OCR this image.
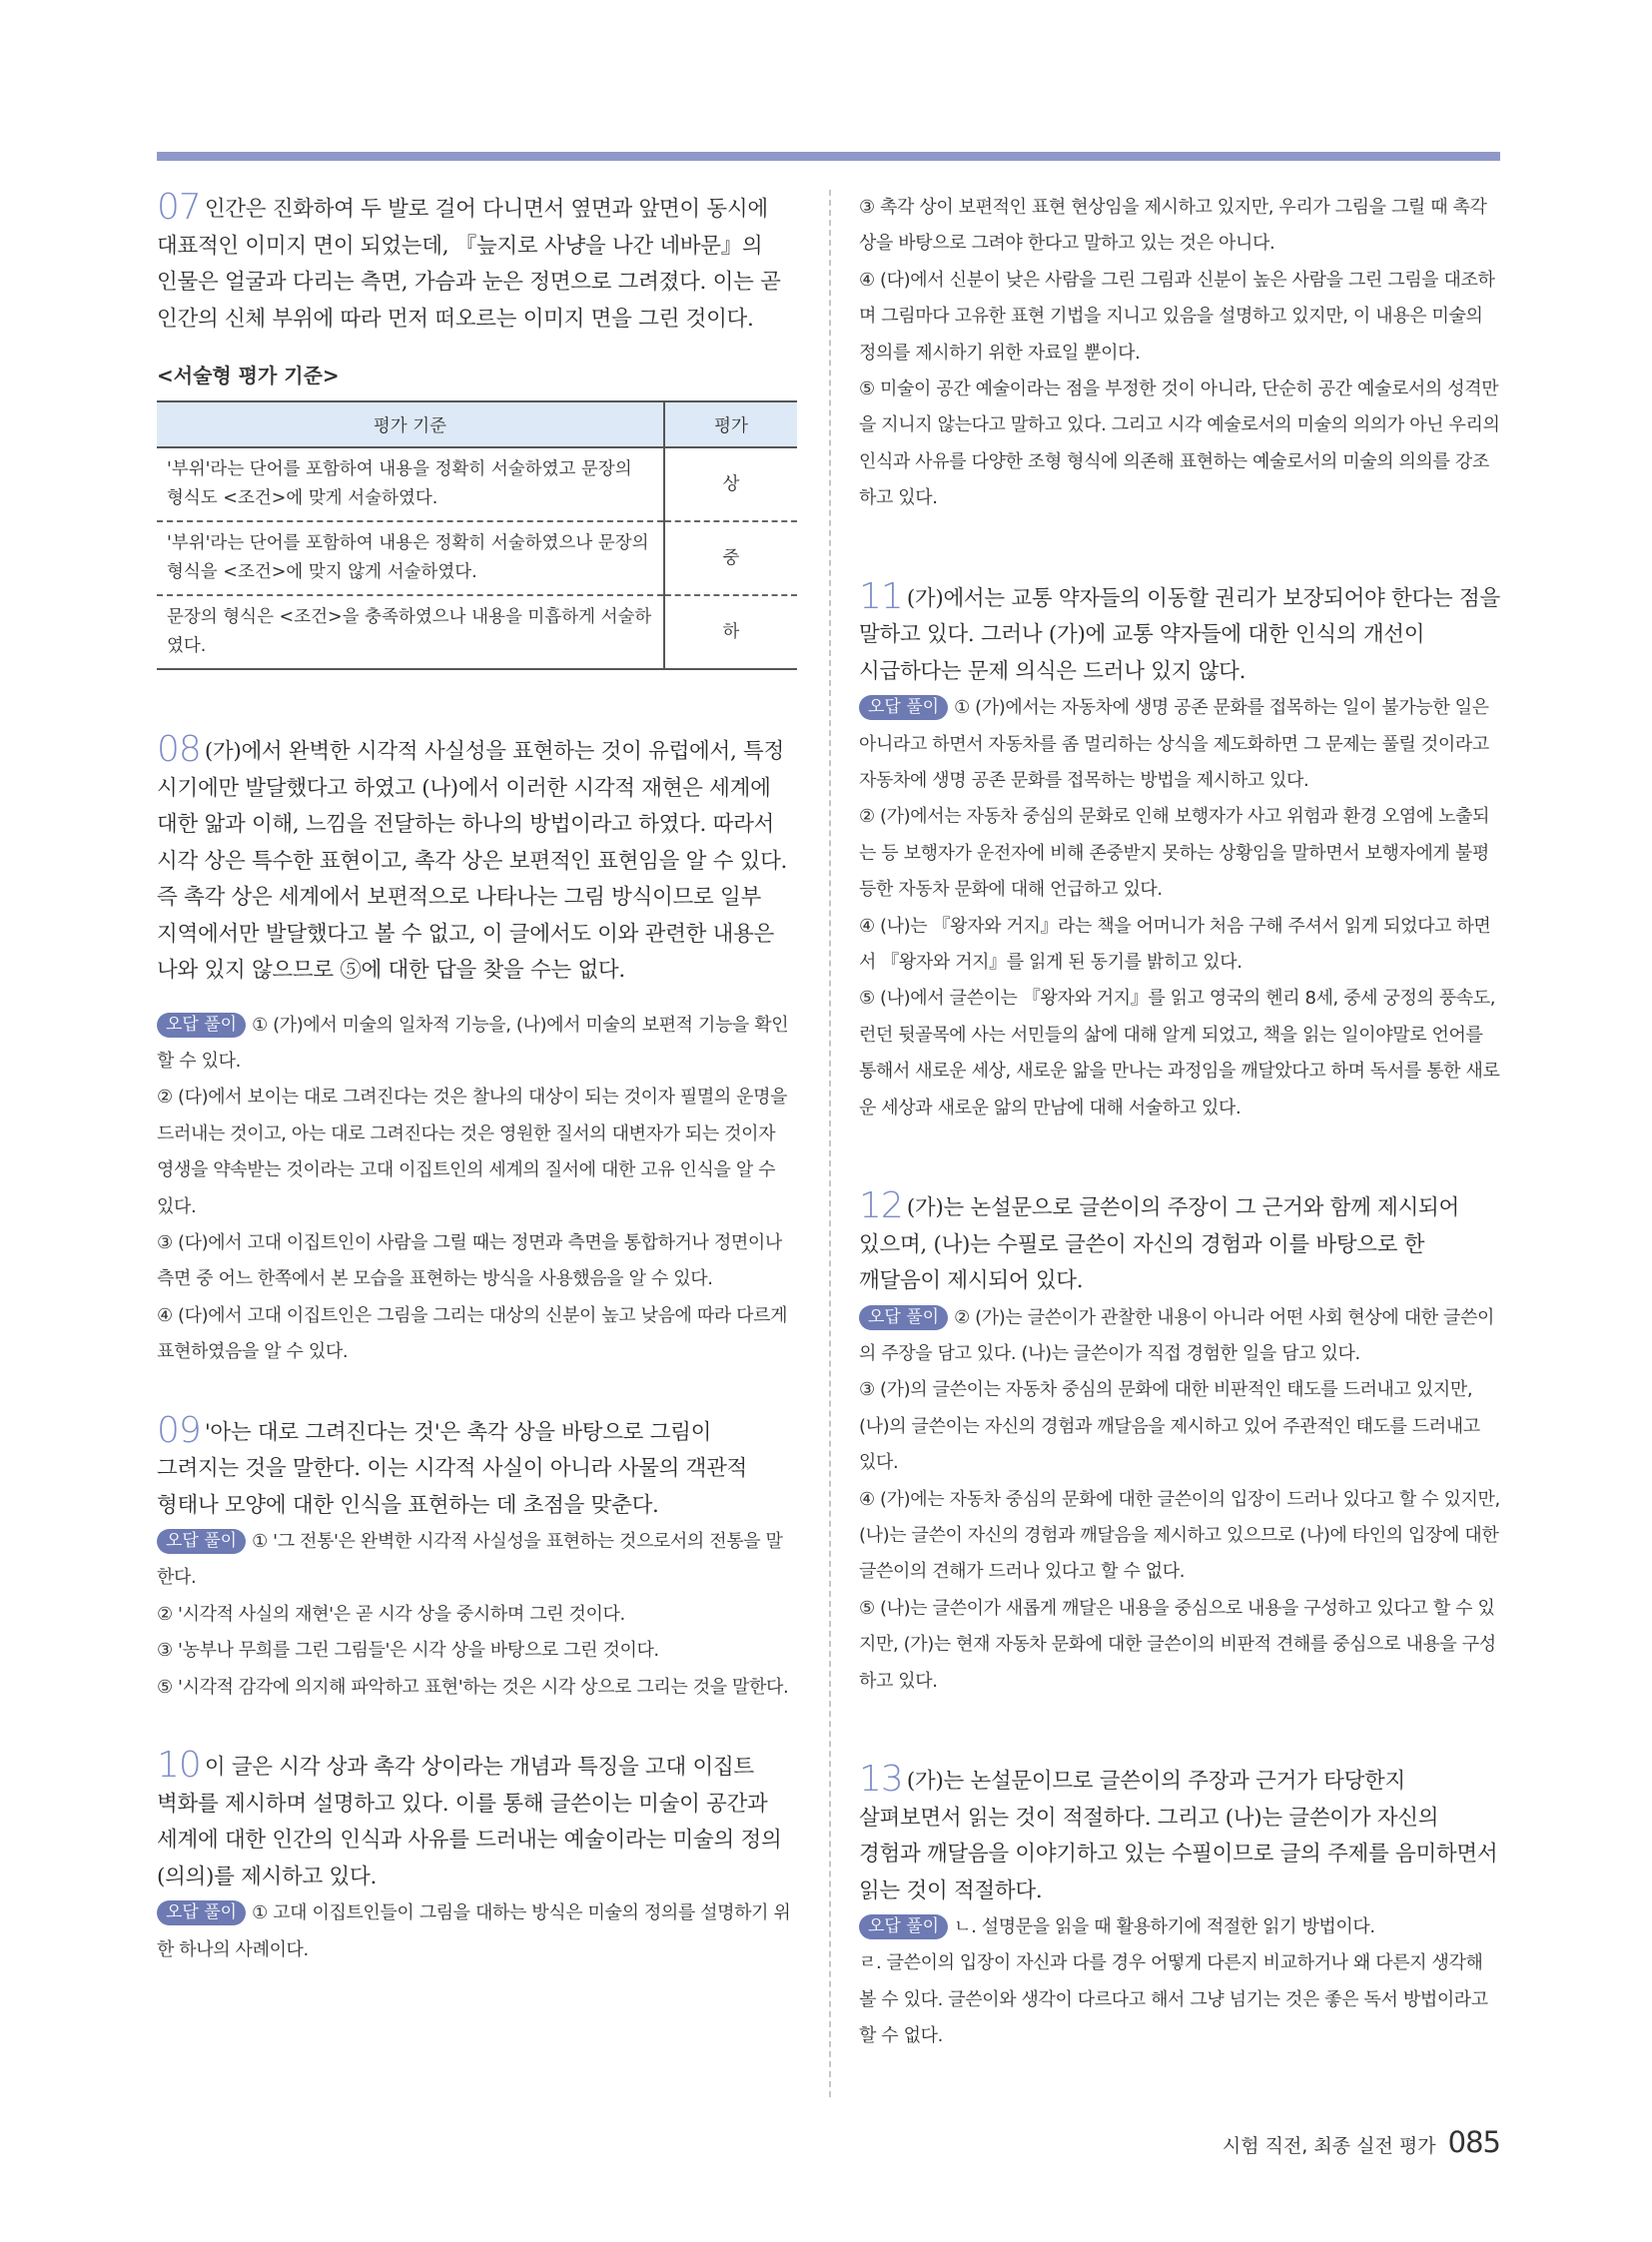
07 인간은 진화하여 두 발로 걸어 다니면서 옆면과 앞면이 동시에 대표적인 이미지 면이 되었는데, 『늪지로 사냥을 나간 네바문』의 인물은 얼굴과 다리는 측면, 가슴과 눈은 정면으로 그려졌다. 이는 곧 인간의 신체 부위에 따라 먼저 떠오르는 이미지 면을 그린 것이다.

<서술형 평가 기준>
평가 기준	평가
'부위'라는 단어를 포함하여 내용을 정확히 서술하였고 문장의 형식도 <조건>에 맞게 서술하였다.	상
'부위'라는 단어를 포함하여 내용은 정확히 서술하였으나 문장의 형식을 <조건>에 맞지 않게 서술하였다.	중
문장의 형식은 <조건>을 충족하였으나 내용을 미흡하게 서술하였다.	하

08 (가)에서 완벽한 시각적 사실성을 표현하는 것이 유럽에서, 특정 시기에만 발달했다고 하였고 (나)에서 이러한 시각적 재현은 세계에 대한 앎과 이해, 느낌을 전달하는 하나의 방법이라고 하였다. 따라서 시각 상은 특수한 표현이고, 촉각 상은 보편적인 표현임을 알 수 있다. 즉 촉각 상은 세계에서 보편적으로 나타나는 그림 방식이므로 일부 지역에서만 발달했다고 볼 수 없고, 이 글에서도 이와 관련한 내용은 나와 있지 않으므로 ⑤에 대한 답을 찾을 수는 없다.

오답 풀이 ① (가)에서 미술의 일차적 기능을, (나)에서 미술의 보편적 기능을 확인할 수 있다.

② (다)에서 보이는 대로 그려진다는 것은 찰나의 대상이 되는 것이자 필멸의 운명을 드러내는 것이고, 아는 대로 그려진다는 것은 영원한 질서의 대변자가 되는 것이자 영생을 약속받는 것이라는 고대 이집트인의 세계의 질서에 대한 고유 인식을 알 수 있다.

③ (다)에서 고대 이집트인이 사람을 그릴 때는 정면과 측면을 통합하거나 정면이나 측면 중 어느 한쪽에서 본 모습을 표현하는 방식을 사용했음을 알 수 있다.

④ (다)에서 고대 이집트인은 그림을 그리는 대상의 신분이 높고 낮음에 따라 다르게 표현하였음을 알 수 있다.

09 '아는 대로 그려진다는 것'은 촉각 상을 바탕으로 그림이 그려지는 것을 말한다. 이는 시각적 사실이 아니라 사물의 객관적 형태나 모양에 대한 인식을 표현하는 데 초점을 맞춘다.

오답 풀이 ① '그 전통'은 완벽한 시각적 사실성을 표현하는 것으로서의 전통을 말한다.

② '시각적 사실의 재현'은 곧 시각 상을 중시하며 그린 것이다.

③ '농부나 무희를 그린 그림들'은 시각 상을 바탕으로 그린 것이다.

⑤ '시각적 감각에 의지해 파악하고 표현'하는 것은 시각 상으로 그리는 것을 말한다.

10 이 글은 시각 상과 촉각 상이라는 개념과 특징을 고대 이집트 벽화를 제시하며 설명하고 있다. 이를 통해 글쓴이는 미술이 공간과 세계에 대한 인간의 인식과 사유를 드러내는 예술이라는 미술의 정의(의의)를 제시하고 있다.

오답 풀이 ① 고대 이집트인들이 그림을 대하는 방식은 미술의 정의를 설명하기 위한 하나의 사례이다.

③ 촉각 상이 보편적인 표현 현상임을 제시하고 있지만, 우리가 그림을 그릴 때 촉각 상을 바탕으로 그려야 한다고 말하고 있는 것은 아니다.

④ (다)에서 신분이 낮은 사람을 그린 그림과 신분이 높은 사람을 그린 그림을 대조하며 그림마다 고유한 표현 기법을 지니고 있음을 설명하고 있지만, 이 내용은 미술의 정의를 제시하기 위한 자료일 뿐이다.

⑤ 미술이 공간 예술이라는 점을 부정한 것이 아니라, 단순히 공간 예술로서의 성격만을 지니지 않는다고 말하고 있다. 그리고 시각 예술로서의 미술의 의의가 아닌 우리의 인식과 사유를 다양한 조형 형식에 의존해 표현하는 예술로서의 미술의 의의를 강조하고 있다.

11 (가)에서는 교통 약자들의 이동할 권리가 보장되어야 한다는 점을 말하고 있다. 그러나 (가)에 교통 약자들에 대한 인식의 개선이 시급하다는 문제 의식은 드러나 있지 않다.

오답 풀이 ① (가)에서는 자동차에 생명 공존 문화를 접목하는 일이 불가능한 일은 아니라고 하면서 자동차를 좀 멀리하는 상식을 제도화하면 그 문제는 풀릴 것이라고 자동차에 생명 공존 문화를 접목하는 방법을 제시하고 있다.

② (가)에서는 자동차 중심의 문화로 인해 보행자가 사고 위험과 환경 오염에 노출되는 등 보행자가 운전자에 비해 존중받지 못하는 상황임을 말하면서 보행자에게 불평등한 자동차 문화에 대해 언급하고 있다.

④ (나)는 『왕자와 거지』라는 책을 어머니가 처음 구해 주셔서 읽게 되었다고 하면서 『왕자와 거지』를 읽게 된 동기를 밝히고 있다.

⑤ (나)에서 글쓴이는 『왕자와 거지』를 읽고 영국의 헨리 8세, 중세 궁정의 풍속도, 런던 뒷골목에 사는 서민들의 삶에 대해 알게 되었고, 책을 읽는 일이야말로 언어를 통해서 새로운 세상, 새로운 앎을 만나는 과정임을 깨달았다고 하며 독서를 통한 새로운 세상과 새로운 앎의 만남에 대해 서술하고 있다.

12 (가)는 논설문으로 글쓴이의 주장이 그 근거와 함께 제시되어 있으며, (나)는 수필로 글쓴이 자신의 경험과 이를 바탕으로 한 깨달음이 제시되어 있다.

오답 풀이 ② (가)는 글쓴이가 관찰한 내용이 아니라 어떤 사회 현상에 대한 글쓴이의 주장을 담고 있다. (나)는 글쓴이가 직접 경험한 일을 담고 있다.

③ (가)의 글쓴이는 자동차 중심의 문화에 대한 비판적인 태도를 드러내고 있지만, (나)의 글쓴이는 자신의 경험과 깨달음을 제시하고 있어 주관적인 태도를 드러내고 있다.

④ (가)에는 자동차 중심의 문화에 대한 글쓴이의 입장이 드러나 있다고 할 수 있지만, (나)는 글쓴이 자신의 경험과 깨달음을 제시하고 있으므로 (나)에 타인의 입장에 대한 글쓴이의 견해가 드러나 있다고 할 수 없다.

⑤ (나)는 글쓴이가 새롭게 깨달은 내용을 중심으로 내용을 구성하고 있다고 할 수 있지만, (가)는 현재 자동차 문화에 대한 글쓴이의 비판적 견해를 중심으로 내용을 구성하고 있다.

13 (가)는 논설문이므로 글쓴이의 주장과 근거가 타당한지 살펴보면서 읽는 것이 적절하다. 그리고 (나)는 글쓴이가 자신의 경험과 깨달음을 이야기하고 있는 수필이므로 글의 주제를 음미하면서 읽는 것이 적절하다.

오답 풀이 ㄴ. 설명문을 읽을 때 활용하기에 적절한 읽기 방법이다.

ㄹ. 글쓴이의 입장이 자신과 다를 경우 어떻게 다른지 비교하거나 왜 다른지 생각해 볼 수 있다. 글쓴이와 생각이 다르다고 해서 그냥 넘기는 것은 좋은 독서 방법이라고 할 수 없다.

시험 직전, 최종 실전 평가 085
